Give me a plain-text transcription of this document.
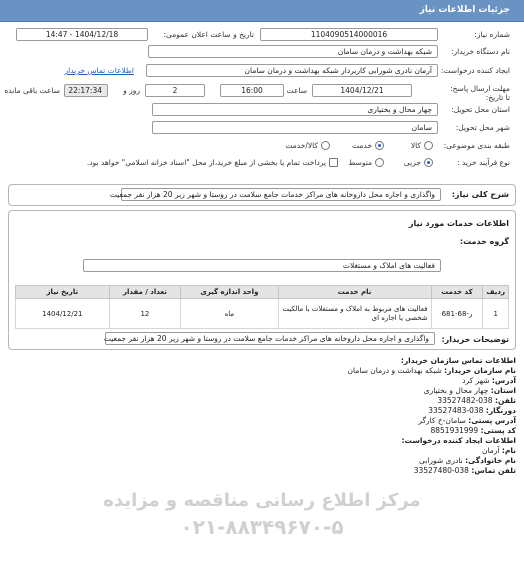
جزئیات اطلاعات نیاز
شماره نیاز:
1104090514000016
تاریخ و ساعت اعلان عمومی:
1404/12/18 - 14:47
نام دستگاه خریدار:
شبکه بهداشت و درمان سامان
ایجاد کننده درخواست:
آرمان نادری شورابی کاربردار شبکه بهداشت و درمان سامان
اطلاعات تماس خریدار
مهلت ارسال پاسخ: تا تاریخ:
1404/12/21
ساعت
16:00
2
روز و
22:17:34
ساعت باقی مانده
استان محل تحویل:
چهار محال و بختیاری
شهر محل تحویل:
سامان
طبقه بندی موضوعی:
کالا
خدمت
کالا/خدمت
نوع فرآیند خرید :
جزیی
متوسط
پرداخت تمام یا بخشی از مبلغ خرید،از محل "اسناد خزانه اسلامی" خواهد بود.
شرح کلی نیاز:
واگذاری و اجاره محل داروخانه های مراکز خدمات جامع سلامت در روستا و شهر زیر 20 هزار نفر جمعیت
اطلاعات خدمات مورد نیاز
گروه خدمت:
فعالیت های املاک و مستغلات
ردیف	کد خدمت	نام خدمت	واحد اندازه گیری	تعداد / مقدار	تاریخ نیاز
1	ر-68-681	فعالیت های مربوط به املاک و مستغلات با مالکیت شخصی یا اجاره ای	ماه	12	1404/12/21
توضیحات خریدار:
واگذاری و اجاره محل داروخانه های مراکز خدمات جامع سلامت در روستا و شهر زیر 20 هزار نفر جمعیت
اطلاعات تماس سازمان خریدار:
نام سازمان خریدار: شبکه بهداشت و درمان سامان
آدرس: شهر کرد
استان: چهار محال و بختیاری
تلفن: 038-33527482
دورنگار: 038-33527483
آدرس پستی: سامان-خ کارگر
کد پستی: 8851931999
اطلاعات ایجاد کننده درخواست:
نام: آرمان
نام خانوادگی: نادری شورابی
تلفن تماس: 038-33527480
مرکز اطلاع رسانی مناقصه و مزایده
۰۲۱-۸۸۳۴۹۶۷۰-۵
